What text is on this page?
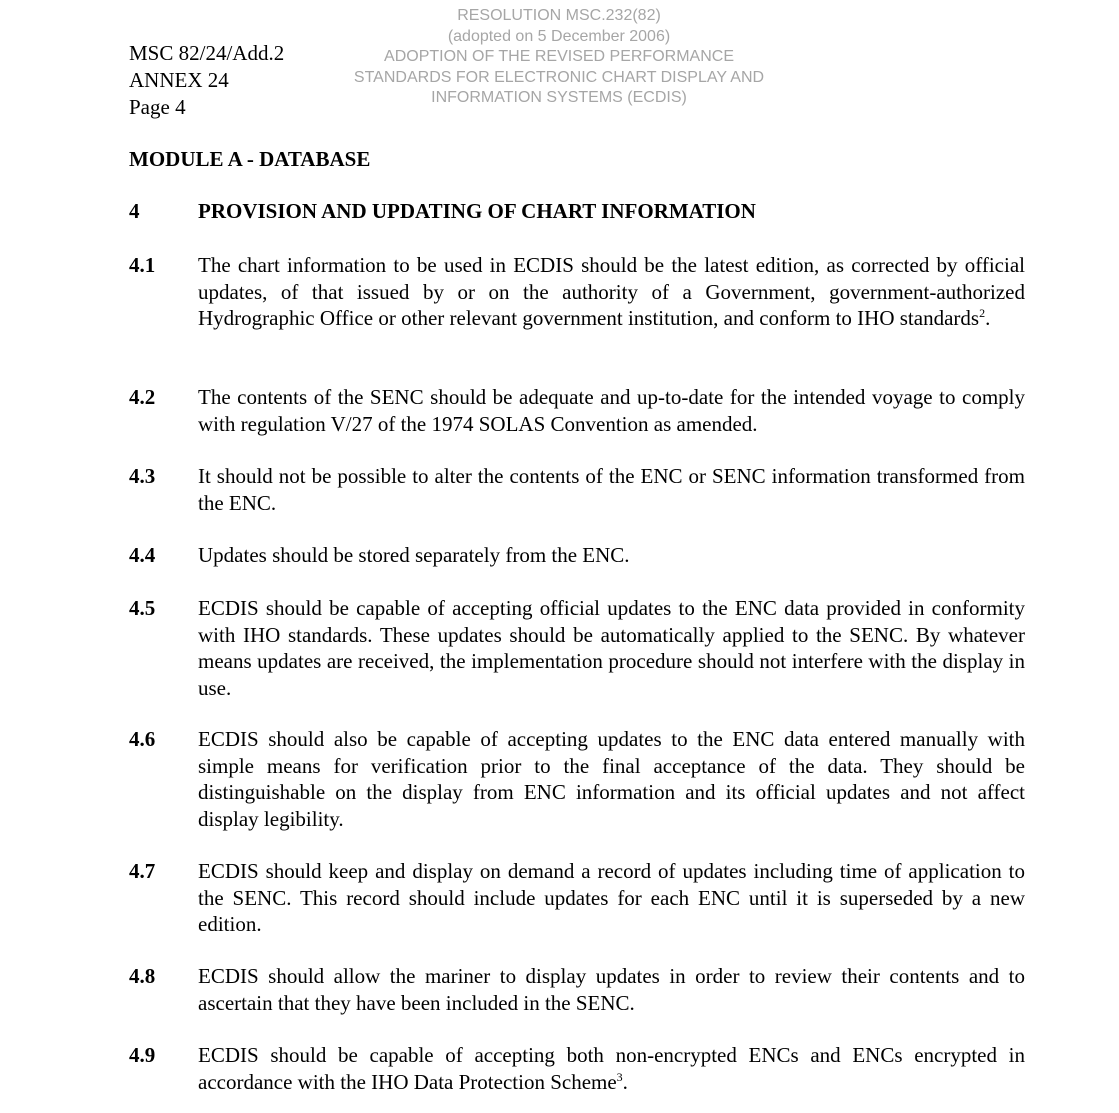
RESOLUTION MSC.232(82)
(adopted on 5 December 2006)
ADOPTION OF THE REVISED PERFORMANCE
STANDARDS FOR ELECTRONIC CHART DISPLAY AND
INFORMATION SYSTEMS (ECDIS)
MSC 82/24/Add.2
ANNEX 24
Page 4
MODULE A - DATABASE
4	PROVISION AND UPDATING OF CHART INFORMATION
4.1 The chart information to be used in ECDIS should be the latest edition, as corrected by official updates, of that issued by or on the authority of a Government, government-authorized Hydrographic Office or other relevant government institution, and conform to IHO standards$^2$.
4.2 The contents of the SENC should be adequate and up-to-date for the intended voyage to comply with regulation V/27 of the 1974 SOLAS Convention as amended.
4.3 It should not be possible to alter the contents of the ENC or SENC information transformed from the ENC.
4.4 Updates should be stored separately from the ENC.
4.5 ECDIS should be capable of accepting official updates to the ENC data provided in conformity with IHO standards. These updates should be automatically applied to the SENC. By whatever means updates are received, the implementation procedure should not interfere with the display in use.
4.6 ECDIS should also be capable of accepting updates to the ENC data entered manually with simple means for verification prior to the final acceptance of the data. They should be distinguishable on the display from ENC information and its official updates and not affect display legibility.
4.7 ECDIS should keep and display on demand a record of updates including time of application to the SENC. This record should include updates for each ENC until it is superseded by a new edition.
4.8 ECDIS should allow the mariner to display updates in order to review their contents and to ascertain that they have been included in the SENC.
4.9 ECDIS should be capable of accepting both non-encrypted ENCs and ENCs encrypted in accordance with the IHO Data Protection Scheme$^3$.
